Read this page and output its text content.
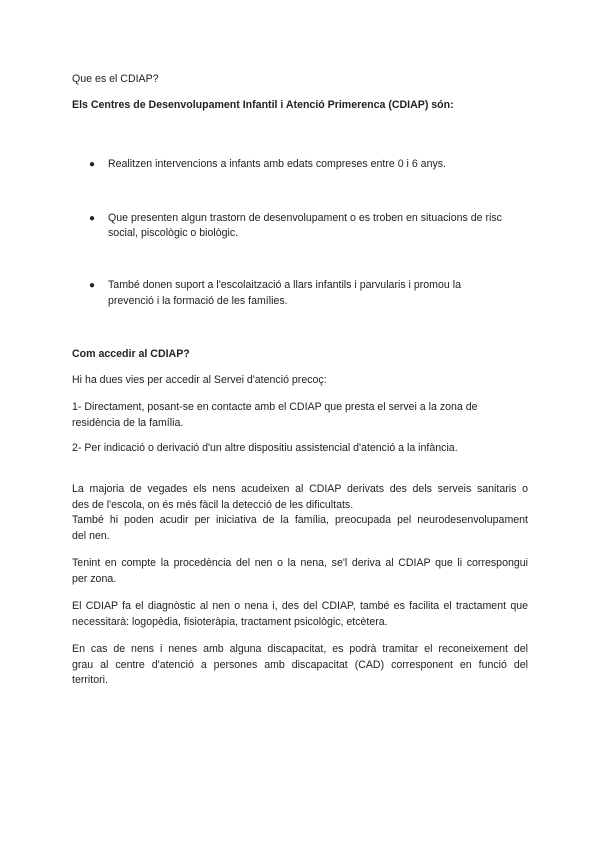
Que es el CDIAP?

Els Centres de Desenvolupament Infantil i Atenció Primerenca (CDIAP) són:

● Realitzen intervencions a infants amb edats compreses entre 0 i 6 anys.
● Que presenten algun trastorn de desenvolupament o es troben en situacions de risc
social, piscològic o biològic.
● També donen suport a l'escolaització a llars infantils i parvularis i promou la
prevenció i la formació de les famílies.

Com accedir al CDIAP?

Hi ha dues vies per accedir al Servei d'atenció precoç:

1- Directament, posant-se en contacte amb el CDIAP que presta el servei a la zona de

residència de la família.

2- Per indicació o derivació d'un altre dispositiu assistencial d'atenció a la infància.

La majoria de vegades els nens acudeixen al CDIAP derivats des dels serveis sanitaris o
des de l'escola, on és més fàcil la detecció de les dificultats.
També hi poden acudir per iniciativa de la família, preocupada pel neurodesenvolupament
del nen.
Tenint en compte la procedència del nen o la nena, se'l deriva al CDIAP que li correspongui
per zona.
El CDIAP fa el diagnòstic al nen o nena i, des del CDIAP, també es facilita el tractament que
necessitarà: logopèdia, fisioteràpia, tractament psicològic, etcètera.
En cas de nens i nenes amb alguna discapacitat, es podrà tramitar el reconeixement del
grau al centre d'atenció a persones amb discapacitat (CAD) corresponent en funció del
territori.
